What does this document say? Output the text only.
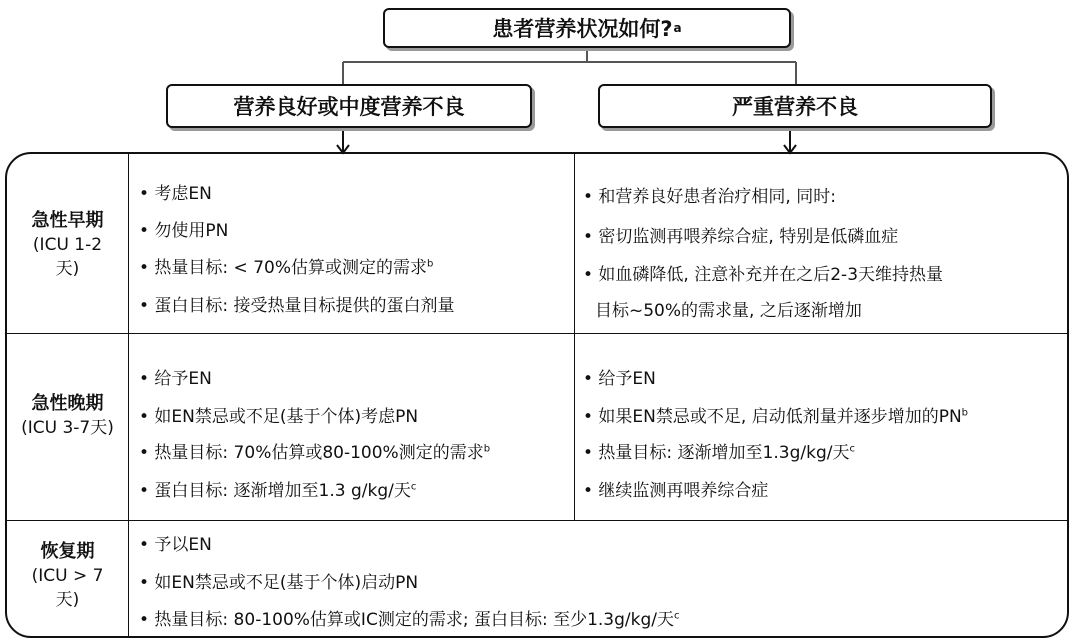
患者营养状况如何? a
营养良好或中度营养不良	严重营养不良
急性早期
(ICU 1-2
天)
• 考虑EN
• 勿使用PN
• 热量目标: < 70%估算或测定的需求$^b$
• 蛋白目标: 接受热量目标提供的蛋白剂量
• 和营养良好患者治疗相同, 同时:
• 密切监测再喂养综合症, 特别是低磷血症
• 如血磷降低, 注意补充并在之后2-3天维持热量
目标~50%的需求量, 之后逐渐增加
急性晚期
(ICU 3-7天)
• 给予EN
• 如EN禁忌或不足(基于个体)考虑PN
• 热量目标: 70%估算或80-100%测定的需求$^b$
• 蛋白目标: 逐渐增加至1.3 g/kg/天$^c$
• 给予EN
• 如果EN禁忌或不足, 启动低剂量并逐步增加的$PN^b$
• 热量目标: 逐渐增加至1.3g/kg/天$^c$
• 继续监测再喂养综合症
恢复期
(ICU > 7
天)
• 予以EN
• 如EN禁忌或不足(基于个体)启动PN
• 热量目标: 80-100%估算或IC测定的需求; 蛋白目标: 至少1.3g/kg/天$^c$
